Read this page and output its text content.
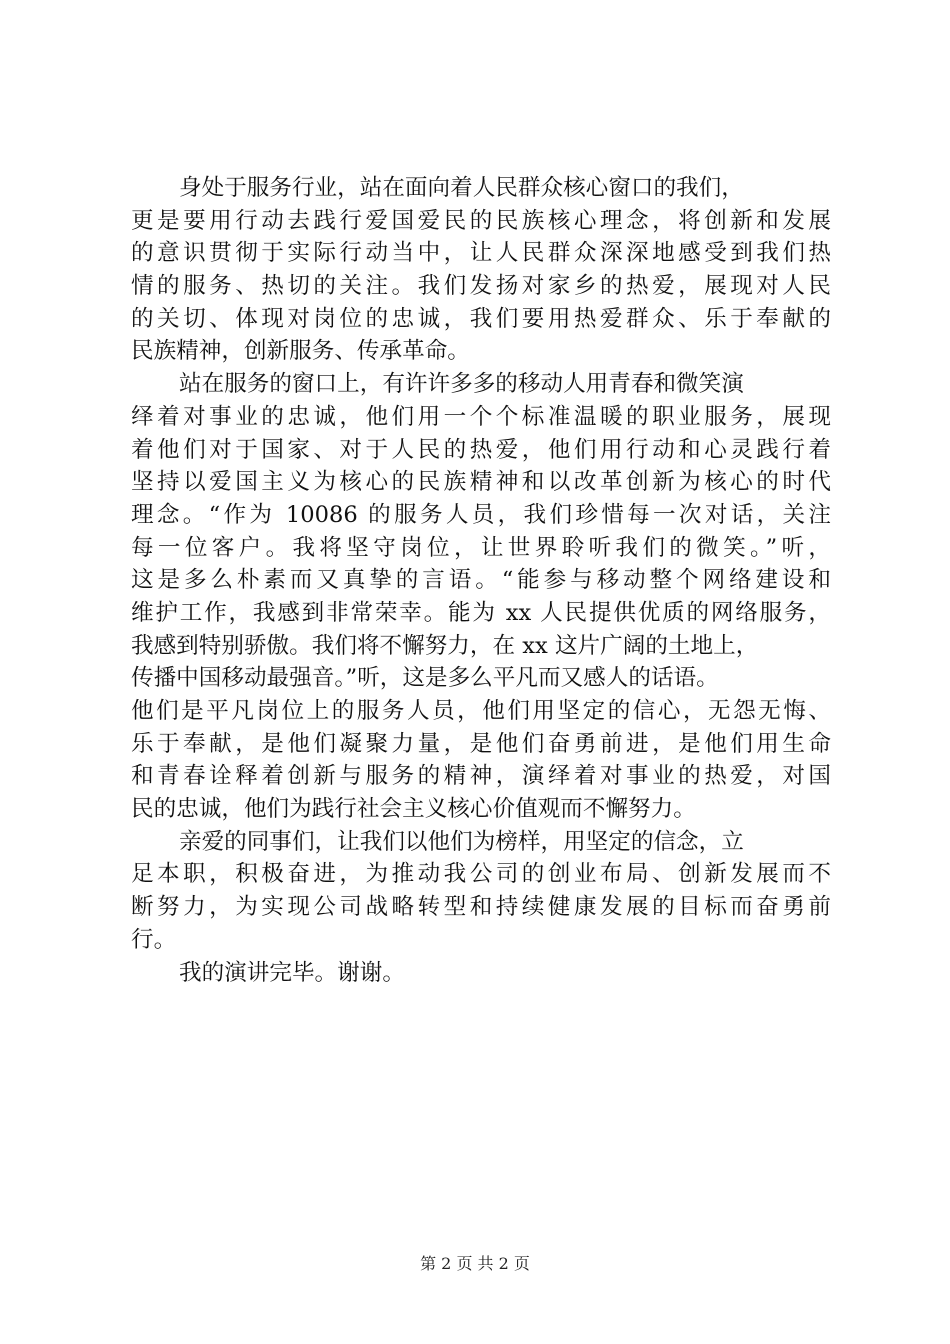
身处于服务行业，站在面向着人民群众核心窗口的我们，
更是要用行动去践行爱国爱民的民族核心理念，将创新和发展
的意识贯彻于实际行动当中，让人民群众深深地感受到我们热
情的服务、热切的关注。我们发扬对家乡的热爱，展现对人民
的关切、体现对岗位的忠诚，我们要用热爱群众、乐于奉献的
民族精神，创新服务、传承革命。
站在服务的窗口上，有许许多多的移动人用青春和微笑演
绎着对事业的忠诚，他们用一个个标准温暖的职业服务，展现
着他们对于国家、对于人民的热爱，他们用行动和心灵践行着
坚持以爱国主义为核心的民族精神和以改革创新为核心的时代
理念。“作为 10086 的服务人员，我们珍惜每一次对话，关注
每一位客户。我将坚守岗位，让世界聆听我们的微笑。”听，
这是多么朴素而又真挚的言语。“能参与移动整个网络建设和
维护工作，我感到非常荣幸。能为 xx 人民提供优质的网络服务，
我感到特别骄傲。我们将不懈努力，在 xx 这片广阔的土地上，
传播中国移动最强音。”听，这是多么平凡而又感人的话语。
他们是平凡岗位上的服务人员，他们用坚定的信心，无怨无悔、
乐于奉献，是他们凝聚力量，是他们奋勇前进，是他们用生命
和青春诠释着创新与服务的精神，演绎着对事业的热爱，对国
民的忠诚，他们为践行社会主义核心价值观而不懈努力。
亲爱的同事们，让我们以他们为榜样，用坚定的信念，立
足本职，积极奋进，为推动我公司的创业布局、创新发展而不
断努力，为实现公司战略转型和持续健康发展的目标而奋勇前
行。
我的演讲完毕。谢谢。
第 2 页 共 2 页
